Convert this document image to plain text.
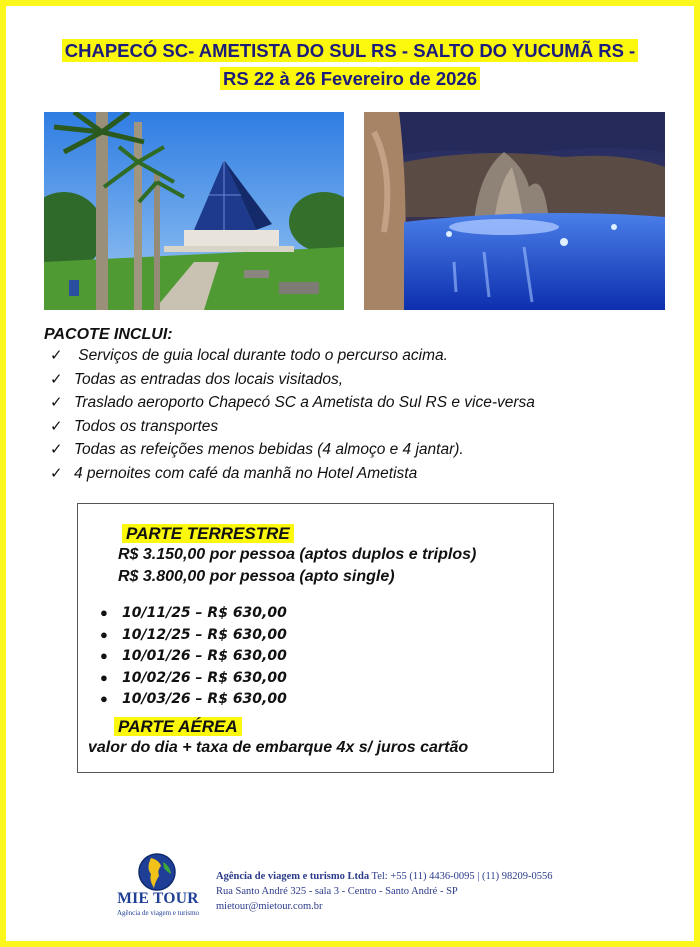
CHAPECÓ SC- AMETISTA DO SUL RS - SALTO DO YUCUMÃ RS -
RS 22 à 26 Fevereiro de 2026
PACOTE INCLUI:
✓ Serviços de guia local durante todo o percurso acima.
✓ Todas as entradas dos locais visitados,
✓ Traslado aeroporto Chapecó SC a Ametista do Sul RS e vice-versa
✓ Todos os transportes
✓ Todas as refeições menos bebidas (4 almoço e 4 jantar).
✓ 4 pernoites com café da manhã no Hotel Ametista
PARTE TERRESTRE
R$ 3.150,00 por pessoa (aptos duplos e triplos)
R$ 3.800,00 por pessoa (apto single)
● 10/11/25 – R$ 630,00
● 10/12/25 – R$ 630,00
● 10/01/26 – R$ 630,00
● 10/02/26 – R$ 630,00
● 10/03/26 – R$ 630,00
PARTE AÉREA
valor do dia + taxa de embarque 4x s/ juros cartão
MIE TOUR
Agência de viagem e turismo
Agência de viagem e turismo Ltda Tel: +55 (11) 4436-0095 | (11) 98209-0556
Rua Santo André 325 - sala 3 - Centro - Santo André - SP
mietour@mietour.com.br
